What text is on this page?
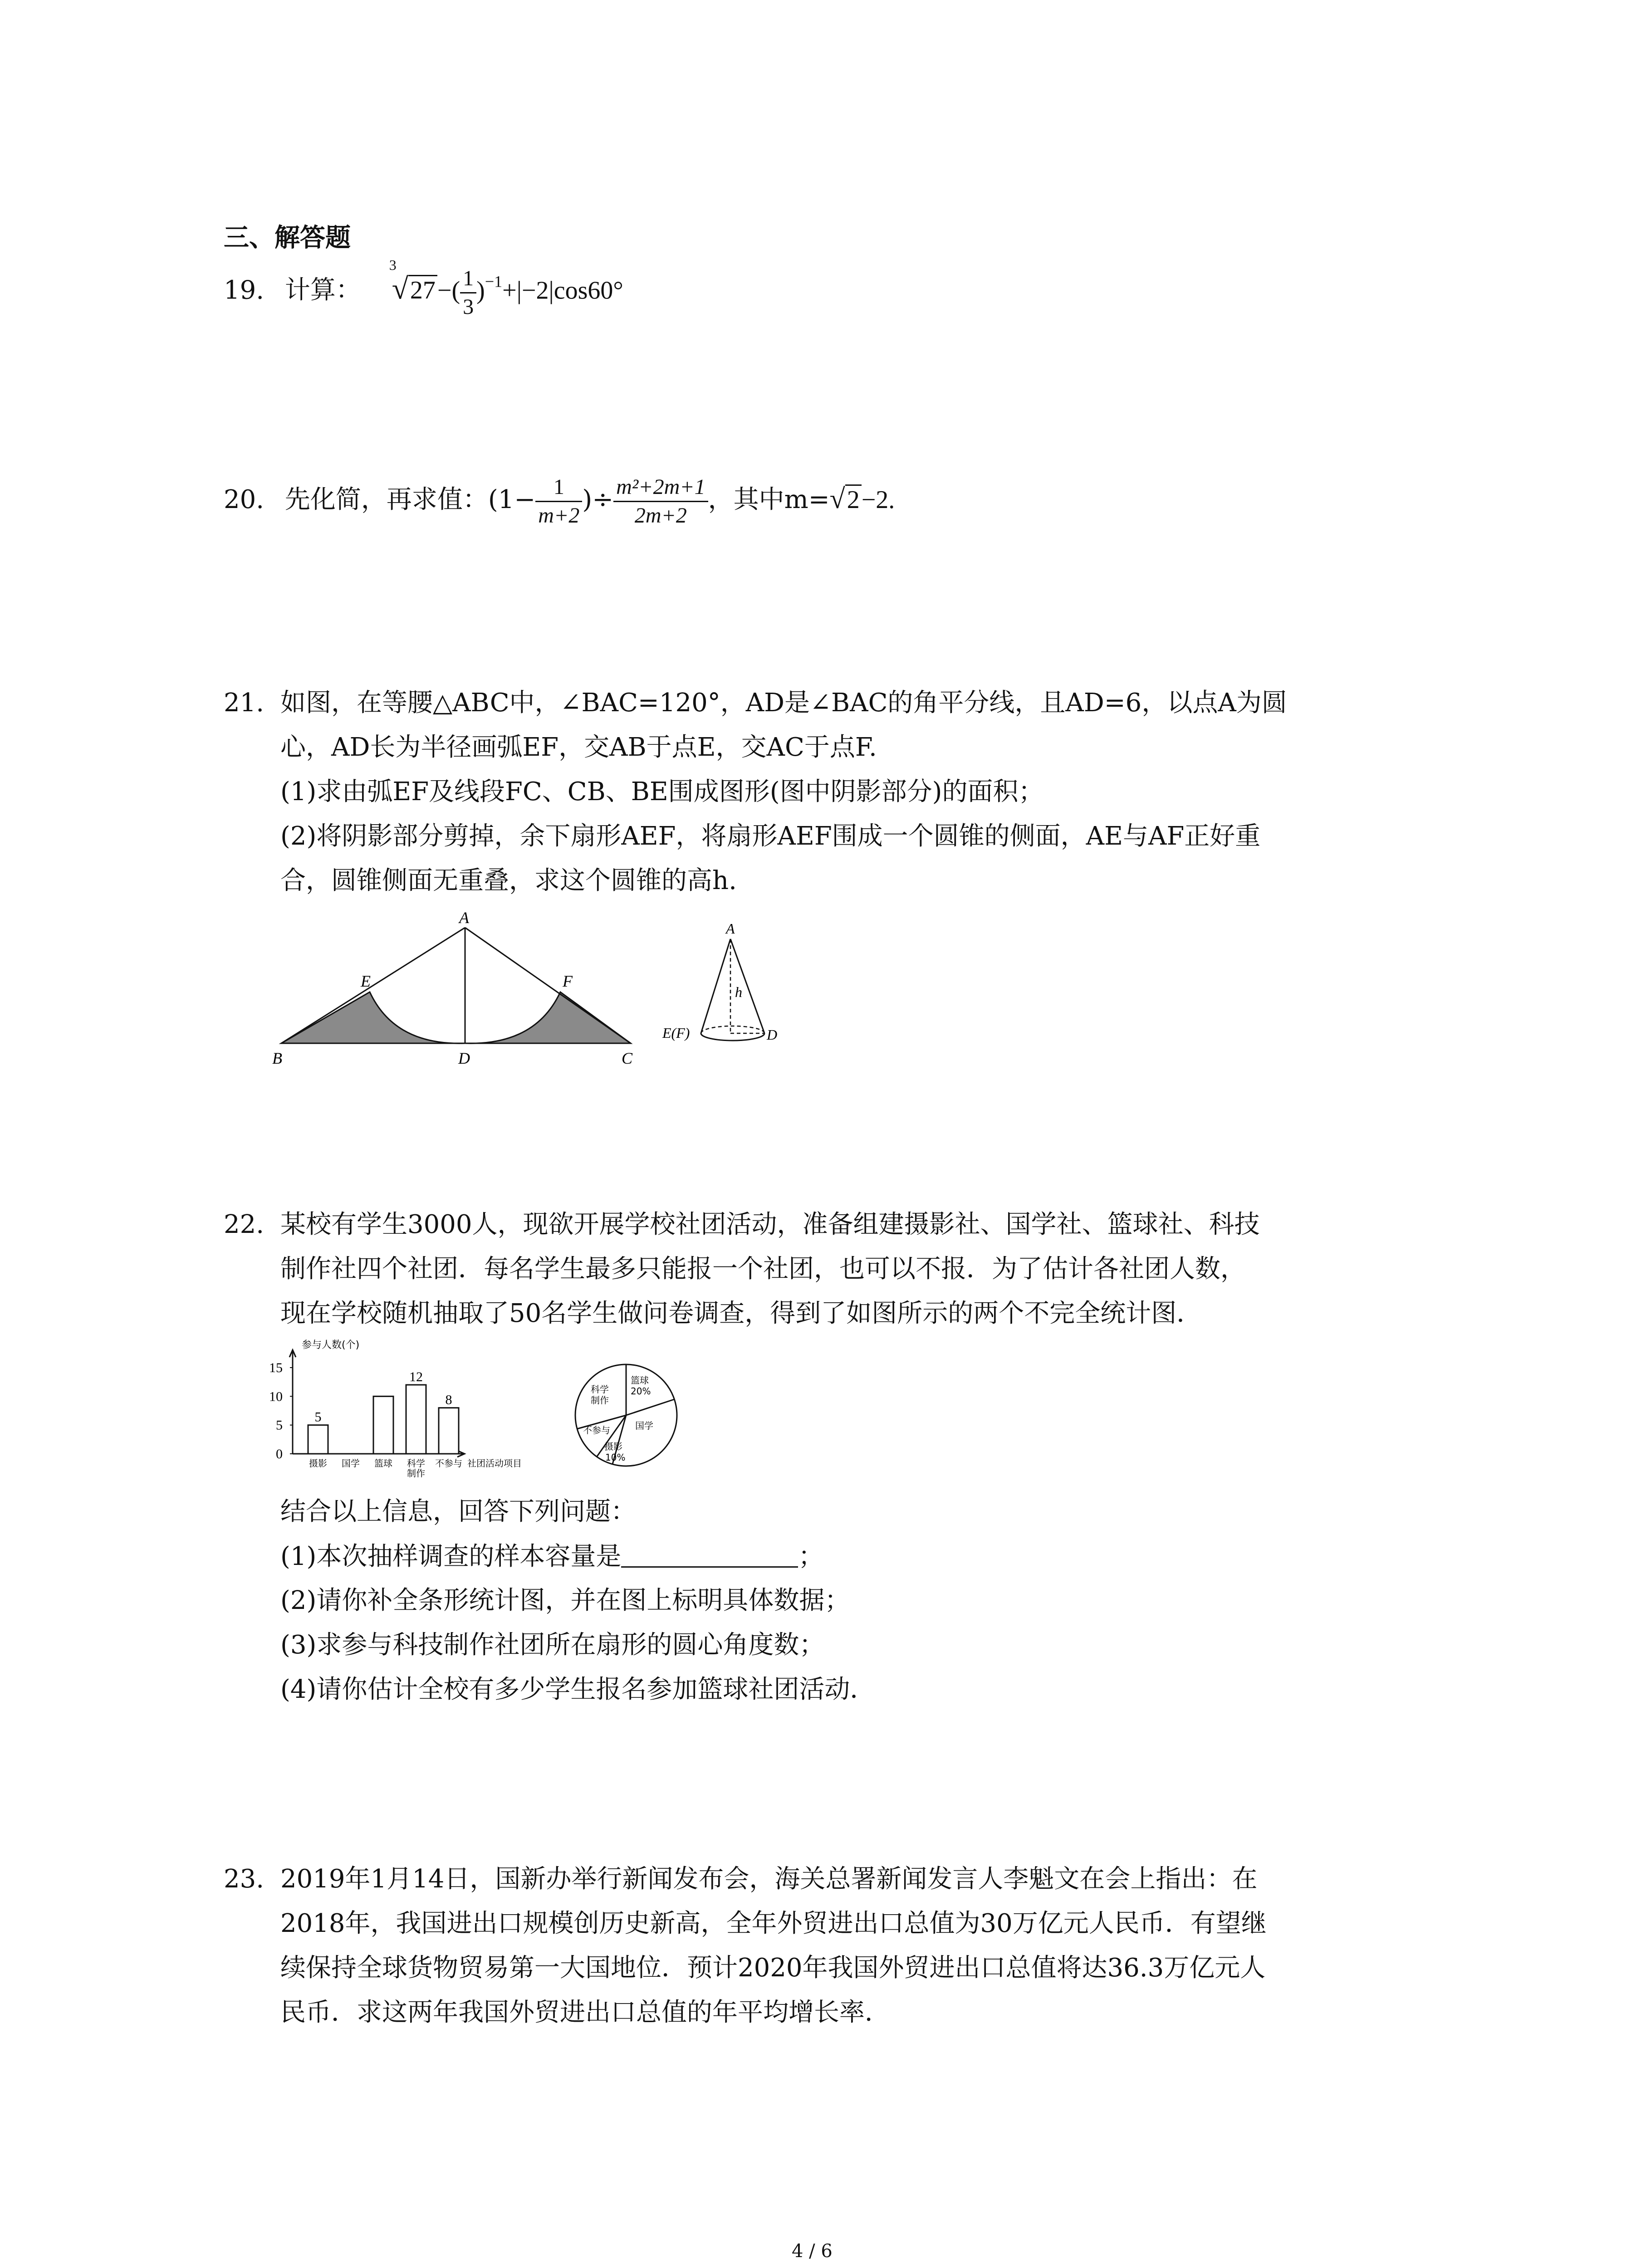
三、解答题
19. 计算：
3
$√27-( \frac{1}{3} )^{-1}+|-2|\cos 60^\circ$
20. 先化简，再求值：($1- \frac{1}{m+2}$ )÷ $\frac{\text{m²+2m+1}}{2m+2}$ ，其中m=√2−2.
21. 如图，在等腰△ABC中，∠BAC=120°，AD是∠BAC的角平分线，且AD=6，以点A为圆
心，AD长为半径画弧EF，交AB于点E，交AC于点F.
(1)求由弧EF及线段FC、CB、BE围成图形(图中阴影部分)的面积；
(2)将阴影部分剪掉，余下扇形AEF，将扇形AEF围成一个圆锥的侧面，AE与AF正好重
合，圆锥侧面无重叠，求这个圆锥的高h.
A
E	F
B	D	C
A
h
E(F)	D
22. 某校有学生3000人，现欲开展学校社团活动，准备组建摄影社、国学社、篮球社、科技
制作社四个社团．每名学生最多只能报一个社团，也可以不报．为了估计各社团人数，
现在学校随机抽取了50名学生做问卷调查，得到了如图所示的两个不完全统计图．
参与人数(个)
0
5
10
15
5
摄影 国学 篮球
12
科学
制作
8
不参与 社团活动项目
篮球
20%
国学
科学
制作
不参与
摄影
10%
结合以上信息，回答下列问题：
(1)本次抽样调查的样本容量是	；
(2)请你补全条形统计图，并在图上标明具体数据；
(3)求参与科技制作社团所在扇形的圆心角度数；
(4)请你估计全校有多少学生报名参加篮球社团活动．
23. 2019年1月14日，国新办举行新闻发布会，海关总署新闻发言人李魁文在会上指出：在
2018年，我国进出口规模创历史新高，全年外贸进出口总值为30万亿元人民币．有望继
续保持全球货物贸易第一大国地位．预计2020年我国外贸进出口总值将达36.3万亿元人
民币．求这两年我国外贸进出口总值的年平均增长率．
4 / 6
